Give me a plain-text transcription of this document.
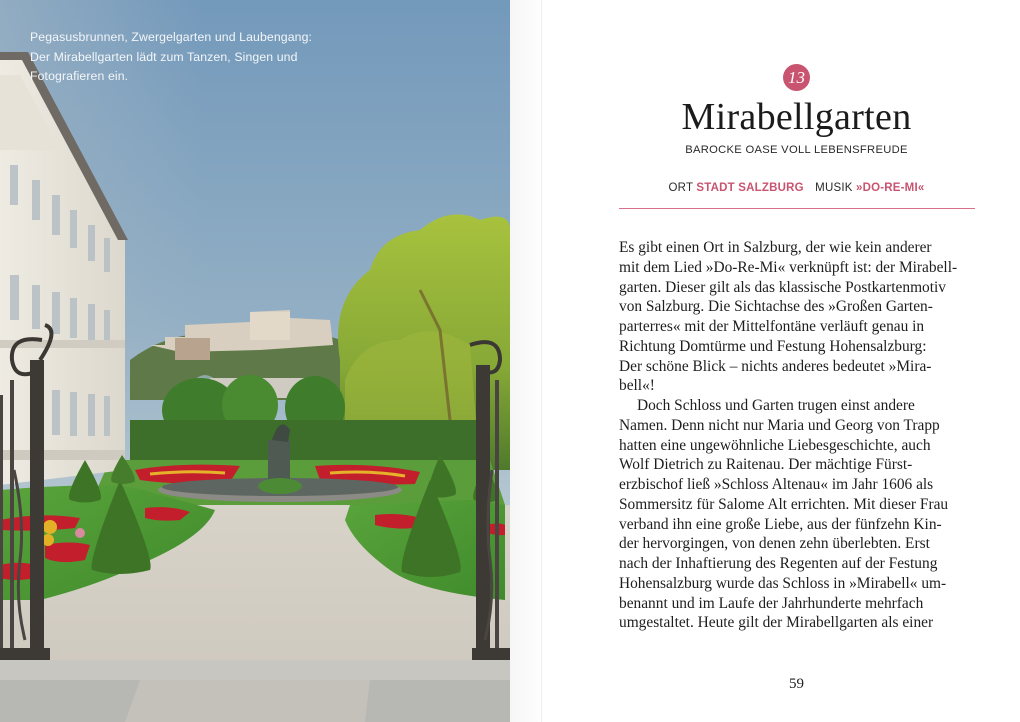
Pegasusbrunnen, Zwergelgarten und Laubengang:
Der Mirabellgarten lädt zum Tanzen, Singen und
Fotografieren ein.	13
Mirabellgarten
BAROCKE OASE VOLL LEBENSFREUDE
ORT STADT SALZBURG MUSIK »DO-RE-MI«
Es gibt einen Ort in Salzburg, der wie kein anderer
mit dem Lied »Do-Re-Mi« verknüpft ist: der Mirabell-
garten. Dieser gilt als das klassische Postkartenmotiv
von Salzburg. Die Sichtachse des »Großen Garten-
parterres« mit der Mittelfontäne verläuft genau in
Richtung Domtürme und Festung Hohensalzburg:
Der schöne Blick – nichts anderes bedeutet »Mira-
bell«!
Doch Schloss und Garten trugen einst andere
Namen. Denn nicht nur Maria und Georg von Trapp
hatten eine ungewöhnliche Liebesgeschichte, auch
Wolf Dietrich zu Raitenau. Der mächtige Fürst-
erzbischof ließ »Schloss Altenau« im Jahr 1606 als
Sommersitz für Salome Alt errichten. Mit dieser Frau
verband ihn eine große Liebe, aus der fünfzehn Kin-
der hervorgingen, von denen zehn überlebten. Erst
nach der Inhaftierung des Regenten auf der Festung
Hohensalzburg wurde das Schloss in »Mirabell« um-
benannt und im Laufe der Jahrhunderte mehrfach
umgestaltet. Heute gilt der Mirabellgarten als einer
59
